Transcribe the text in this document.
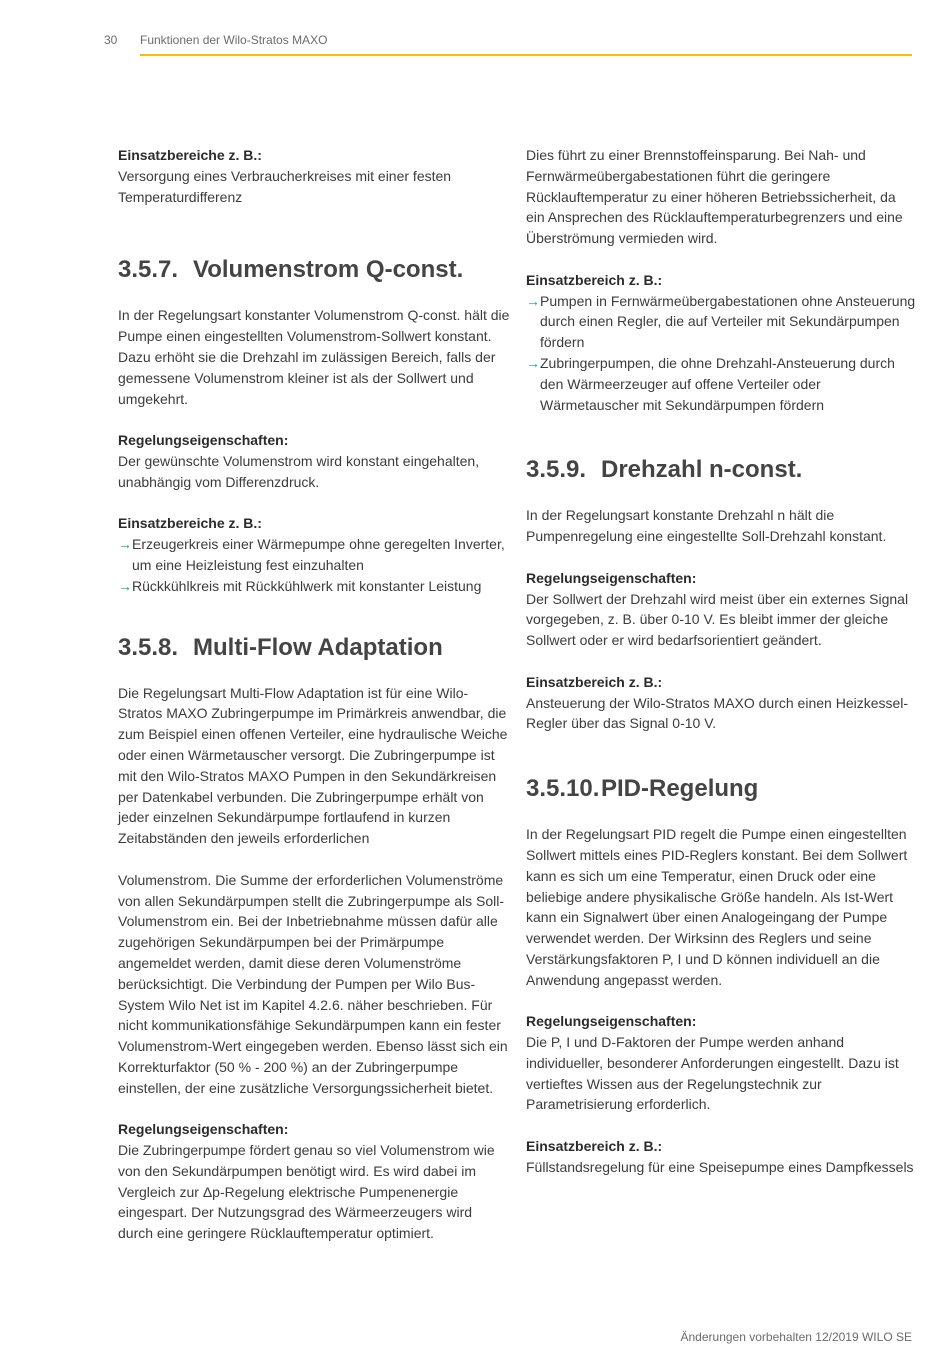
30 Funktionen der Wilo-Stratos MAXO

Einsatzbereiche z. B.:

Versorgung eines Verbraucherkreises mit einer festen Temperaturdifferenz

3.5.7. Volumenstrom Q-const.

In der Regelungsart konstanter Volumenstrom Q-const. hält die Pumpe einen eingestellten Volumenstrom-Sollwert konstant. Dazu erhöht sie die Drehzahl im zulässigen Bereich, falls der gemessene Volumenstrom kleiner ist als der Sollwert und umgekehrt.

Regelungseigenschaften:

Der gewünschte Volumenstrom wird konstant eingehalten, unabhängig vom Differenzdruck.

Einsatzbereiche z. B.:

→ Erzeugerkreis einer Wärmepumpe ohne geregelten Inverter, um eine Heizleistung fest einzuhalten
→ Rückkühlkreis mit Rückkühlwerk mit konstanter Leistung
3.5.8. Multi-Flow Adaptation

Die Regelungsart Multi-Flow Adaptation ist für eine Wilo-Stratos MAXO Zubringerpumpe im Primärkreis anwendbar, die zum Beispiel einen offenen Verteiler, eine hydraulische Weiche oder einen Wärmetauscher versorgt. Die Zubringerpumpe ist mit den Wilo-Stratos MAXO Pumpen in den Sekundärkreisen per Datenkabel verbunden. Die Zubringerpumpe erhält von jeder einzelnen Sekundärpumpe fortlaufend in kurzen Zeitabständen den jeweils erforderlichen

Volumenstrom. Die Summe der erforderlichen Volumenströme von allen Sekundärpumpen stellt die Zubringerpumpe als Soll-Volumenstrom ein. Bei der Inbetriebnahme müssen dafür alle zugehörigen Sekundärpumpen bei der Primärpumpe angemeldet werden, damit diese deren Volumenströme berücksichtigt. Die Verbindung der Pumpen per Wilo Bus-System Wilo Net ist im Kapitel 4.2.6. näher beschrieben. Für nicht kommunikationsfähige Sekundärpumpen kann ein fester Volumenstrom-Wert eingegeben werden. Ebenso lässt sich ein Korrekturfaktor (50 % - 200 %) an der Zubringerpumpe einstellen, der eine zusätzliche Versorgungssicherheit bietet.

Regelungseigenschaften:

Die Zubringerpumpe fördert genau so viel Volumenstrom wie von den Sekundärpumpen benötigt wird. Es wird dabei im Vergleich zur Δp-Regelung elektrische Pumpenenergie eingespart. Der Nutzungsgrad des Wärmeerzeugers wird durch eine geringere Rücklauftemperatur optimiert.

Dies führt zu einer Brennstoffeinsparung. Bei Nah- und Fernwärmeübergabestationen führt die geringere Rücklauftemperatur zu einer höheren Betriebssicherheit, da ein Ansprechen des Rücklauftemperaturbegrenzers und eine Überströmung vermieden wird.

Einsatzbereich z. B.:

→ Pumpen in Fernwärmeübergabestationen ohne Ansteuerung durch einen Regler, die auf Verteiler mit Sekundärpumpen fördern
→ Zubringerpumpen, die ohne Drehzahl-Ansteuerung durch den Wärmeerzeuger auf offene Verteiler oder Wärmetauscher mit Sekundärpumpen fördern
3.5.9. Drehzahl n-const.

In der Regelungsart konstante Drehzahl n hält die Pumpenregelung eine eingestellte Soll-Drehzahl konstant.

Regelungseigenschaften:

Der Sollwert der Drehzahl wird meist über ein externes Signal vorgegeben, z. B. über 0-10 V. Es bleibt immer der gleiche Sollwert oder er wird bedarfsorientiert geändert.

Einsatzbereich z. B.:

Ansteuerung der Wilo-Stratos MAXO durch einen Heizkessel-Regler über das Signal 0-10 V.

3.5.10. PID-Regelung

In der Regelungsart PID regelt die Pumpe einen eingestellten Sollwert mittels eines PID-Reglers konstant. Bei dem Sollwert kann es sich um eine Temperatur, einen Druck oder eine beliebige andere physikalische Größe handeln. Als Ist-Wert kann ein Signalwert über einen Analogeingang der Pumpe verwendet werden. Der Wirksinn des Reglers und seine Verstärkungsfaktoren P, I und D können individuell an die Anwendung angepasst werden.

Regelungseigenschaften:

Die P, I und D-Faktoren der Pumpe werden anhand individueller, besonderer Anforderungen eingestellt. Dazu ist vertieftes Wissen aus der Regelungstechnik zur Parametrisierung erforderlich.

Einsatzbereich z. B.:

Füllstandsregelung für eine Speisepumpe eines Dampfkessels

Änderungen vorbehalten 12/2019 WILO SE
